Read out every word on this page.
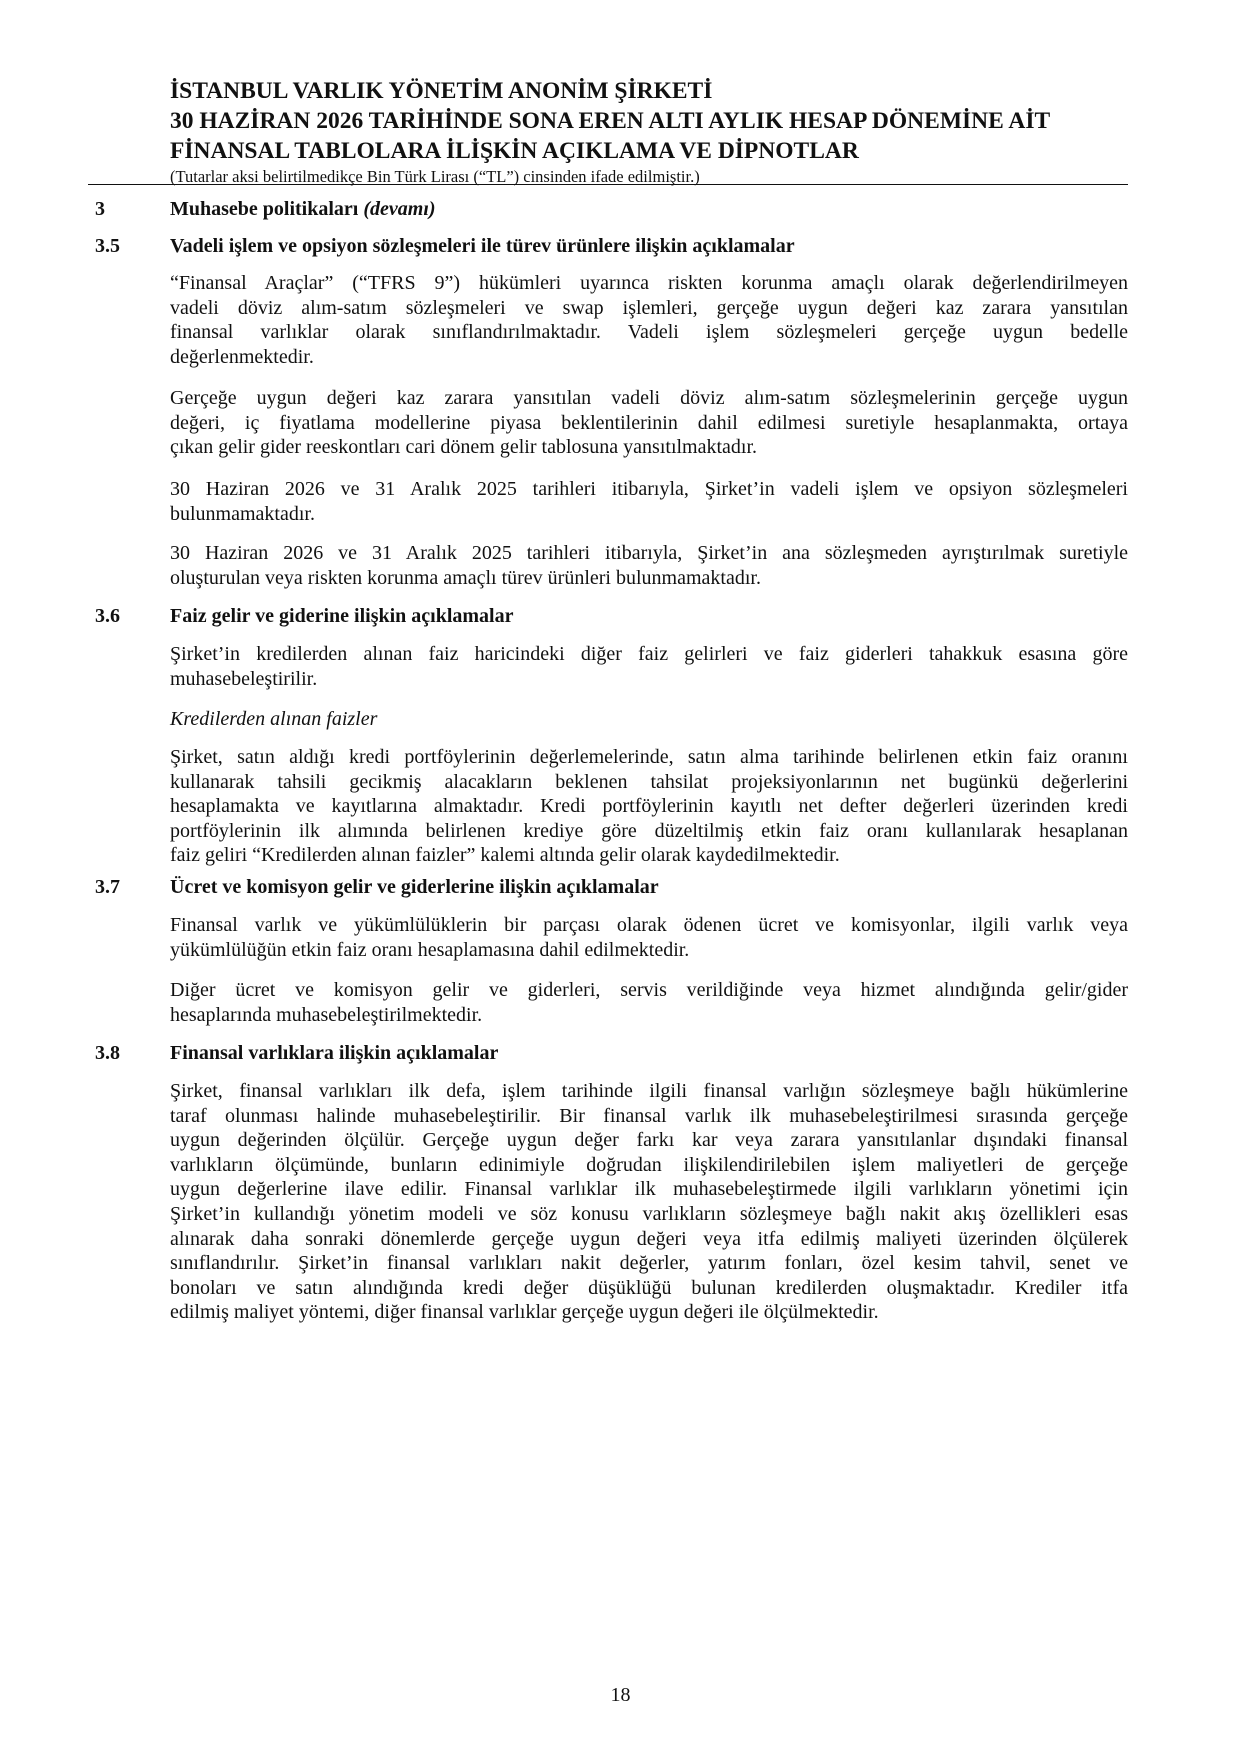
İSTANBUL VARLIK YÖNETİM ANONİM ŞİRKETİ
30 HAZİRAN 2026 TARİHİNDE SONA EREN ALTI AYLIK HESAP DÖNEMİNE AİT
FİNANSAL TABLOLARA İLİŞKİN AÇIKLAMA VE DİPNOTLAR
(Tutarlar aksi belirtilmedikçe Bin Türk Lirası (“TL”) cinsinden ifade edilmiştir.)
3	Muhasebe politikaları (devamı)
3.5	Vadeli işlem ve opsiyon sözleşmeleri ile türev ürünlere ilişkin açıklamalar
“Finansal Araçlar” (“TFRS 9”) hükümleri uyarınca riskten korunma amaçlı olarak değerlendirilmeyen
vadeli döviz alım-satım sözleşmeleri ve swap işlemleri, gerçeğe uygun değeri kaz zarara yansıtılan
finansal varlıklar olarak sınıflandırılmaktadır. Vadeli işlem sözleşmeleri gerçeğe uygun bedelle
değerlenmektedir.
Gerçeğe uygun değeri kaz zarara yansıtılan vadeli döviz alım-satım sözleşmelerinin gerçeğe uygun
değeri, iç fiyatlama modellerine piyasa beklentilerinin dahil edilmesi suretiyle hesaplanmakta, ortaya
çıkan gelir gider reeskontları cari dönem gelir tablosuna yansıtılmaktadır.
30 Haziran 2026 ve 31 Aralık 2025 tarihleri itibarıyla, Şirket’in vadeli işlem ve opsiyon sözleşmeleri
bulunmamaktadır.
30 Haziran 2026 ve 31 Aralık 2025 tarihleri itibarıyla, Şirket’in ana sözleşmeden ayrıştırılmak suretiyle
oluşturulan veya riskten korunma amaçlı türev ürünleri bulunmamaktadır.
3.6	Faiz gelir ve giderine ilişkin açıklamalar
Şirket’in kredilerden alınan faiz haricindeki diğer faiz gelirleri ve faiz giderleri tahakkuk esasına göre
muhasebeleştirilir.
Kredilerden alınan faizler
Şirket, satın aldığı kredi portföylerinin değerlemelerinde, satın alma tarihinde belirlenen etkin faiz oranını
kullanarak tahsili gecikmiş alacakların beklenen tahsilat projeksiyonlarının net bugünkü değerlerini
hesaplamakta ve kayıtlarına almaktadır. Kredi portföylerinin kayıtlı net defter değerleri üzerinden kredi
portföylerinin ilk alımında belirlenen krediye göre düzeltilmiş etkin faiz oranı kullanılarak hesaplanan
faiz geliri “Kredilerden alınan faizler” kalemi altında gelir olarak kaydedilmektedir.
3.7	Ücret ve komisyon gelir ve giderlerine ilişkin açıklamalar
Finansal varlık ve yükümlülüklerin bir parçası olarak ödenen ücret ve komisyonlar, ilgili varlık veya
yükümlülüğün etkin faiz oranı hesaplamasına dahil edilmektedir.
Diğer ücret ve komisyon gelir ve giderleri, servis verildiğinde veya hizmet alındığında gelir/gider
hesaplarında muhasebeleştirilmektedir.
3.8	Finansal varlıklara ilişkin açıklamalar
Şirket, finansal varlıkları ilk defa, işlem tarihinde ilgili finansal varlığın sözleşmeye bağlı hükümlerine
taraf olunması halinde muhasebeleştirilir. Bir finansal varlık ilk muhasebeleştirilmesi sırasında gerçeğe
uygun değerinden ölçülür. Gerçeğe uygun değer farkı kar veya zarara yansıtılanlar dışındaki finansal
varlıkların ölçümünde, bunların edinimiyle doğrudan ilişkilendirilebilen işlem maliyetleri de gerçeğe
uygun değerlerine ilave edilir. Finansal varlıklar ilk muhasebeleştirmede ilgili varlıkların yönetimi için
Şirket’in kullandığı yönetim modeli ve söz konusu varlıkların sözleşmeye bağlı nakit akış özellikleri esas
alınarak daha sonraki dönemlerde gerçeğe uygun değeri veya itfa edilmiş maliyeti üzerinden ölçülerek
sınıflandırılır. Şirket’in finansal varlıkları nakit değerler, yatırım fonları, özel kesim tahvil, senet ve
bonoları ve satın alındığında kredi değer düşüklüğü bulunan kredilerden oluşmaktadır. Krediler itfa
edilmiş maliyet yöntemi, diğer finansal varlıklar gerçeğe uygun değeri ile ölçülmektedir.
18
